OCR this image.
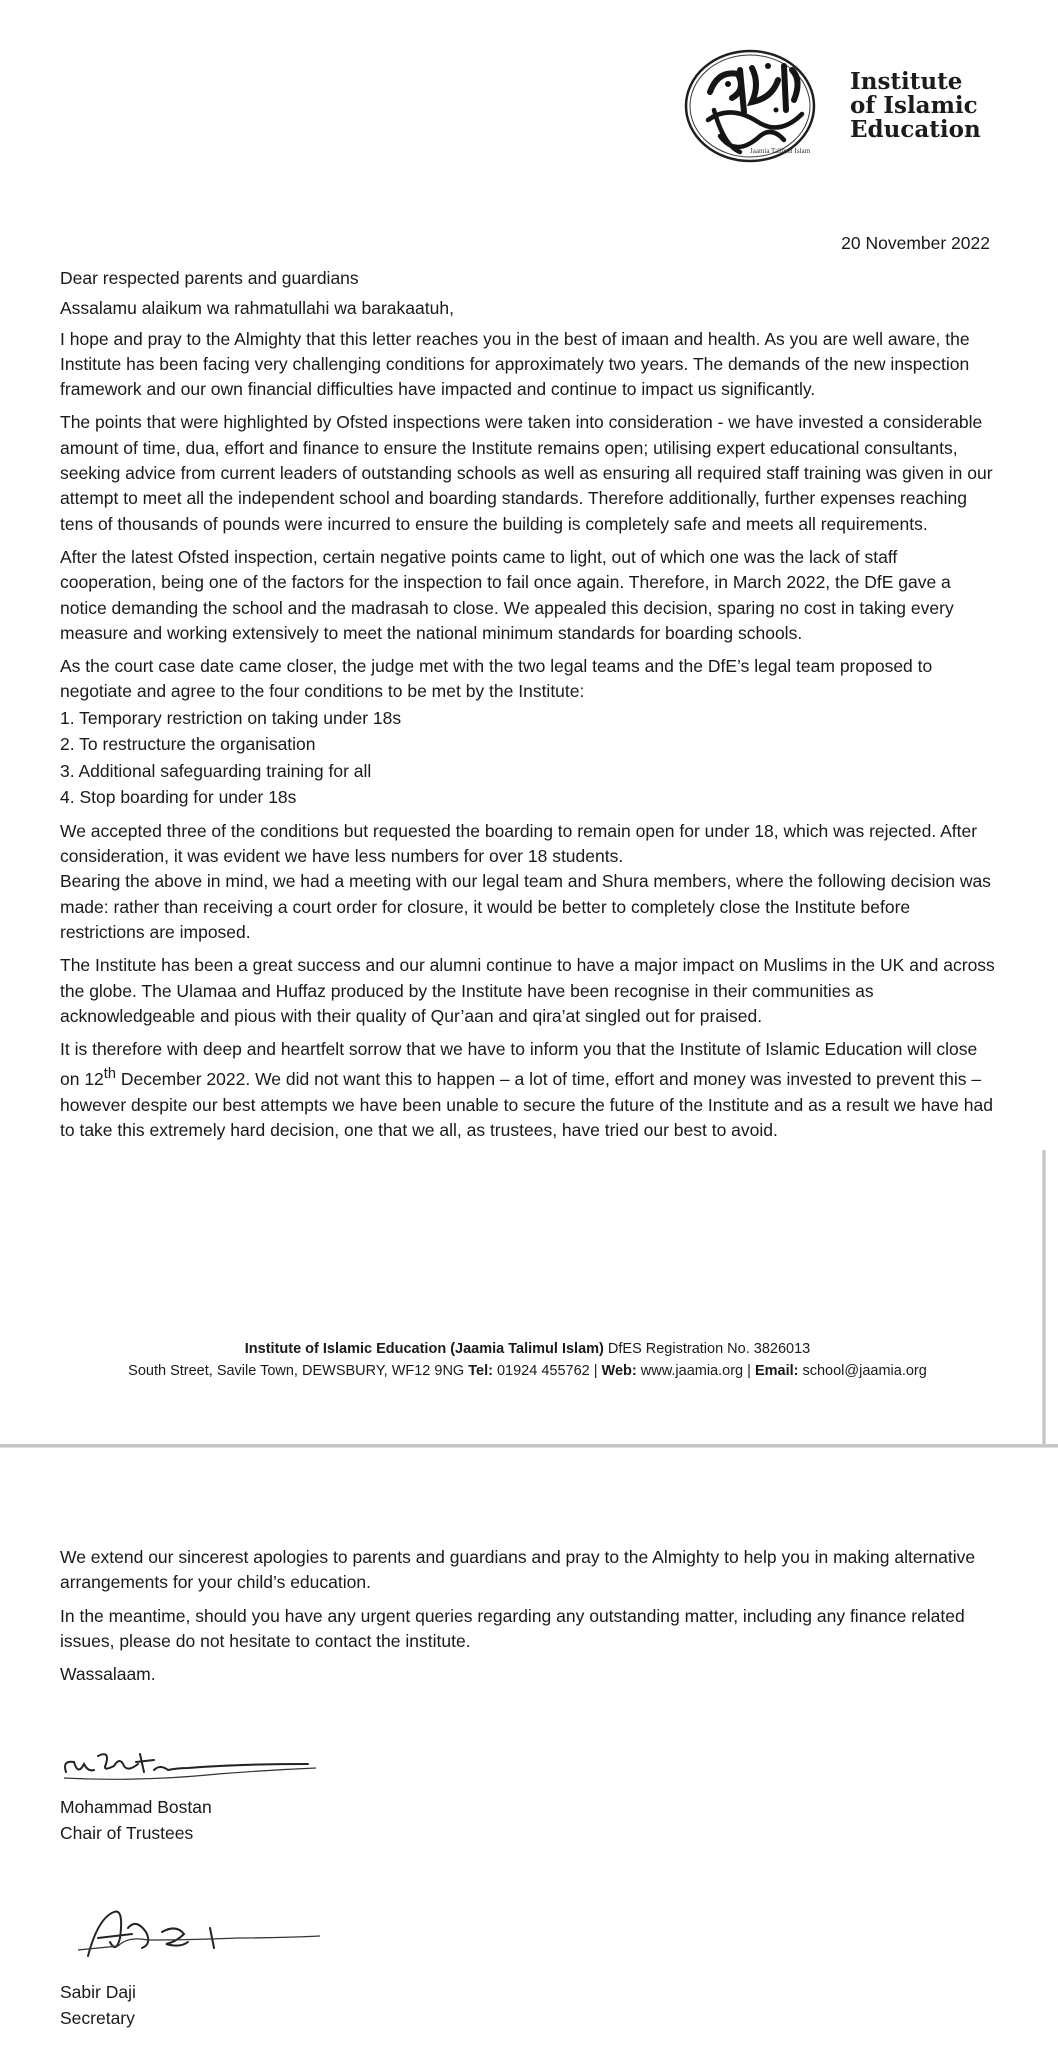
Jaamia Talimul Islam
Institute
of Islamic
Education
20 November 2022

Dear respected parents and guardians

Assalamu alaikum wa rahmatullahi wa barakaatuh,

I hope and pray to the Almighty that this letter reaches you in the best of imaan and health. As you are well aware, the Institute has been facing very challenging conditions for approximately two years. The demands of the new inspection framework and our own financial difficulties have impacted and continue to impact us significantly.

The points that were highlighted by Ofsted inspections were taken into consideration - we have invested a considerable amount of time, dua, effort and finance to ensure the Institute remains open; utilising expert educational consultants, seeking advice from current leaders of outstanding schools as well as ensuring all required staff training was given in our attempt to meet all the independent school and boarding standards. Therefore additionally, further expenses reaching tens of thousands of pounds were incurred to ensure the building is completely safe and meets all requirements.

After the latest Ofsted inspection, certain negative points came to light, out of which one was the lack of staff cooperation, being one of the factors for the inspection to fail once again. Therefore, in March 2022, the DfE gave a notice demanding the school and the madrasah to close. We appealed this decision, sparing no cost in taking every measure and working extensively to meet the national minimum standards for boarding schools.

As the court case date came closer, the judge met with the two legal teams and the DfE’s legal team proposed to negotiate and agree to the four conditions to be met by the Institute:

1. Temporary restriction on taking under 18s
2. To restructure the organisation
3. Additional safeguarding training for all
4. Stop boarding for under 18s

We accepted three of the conditions but requested the boarding to remain open for under 18, which was rejected. After consideration, it was evident we have less numbers for over 18 students.

Bearing the above in mind, we had a meeting with our legal team and Shura members, where the following decision was made: rather than receiving a court order for closure, it would be better to completely close the Institute before restrictions are imposed.

The Institute has been a great success and our alumni continue to have a major impact on Muslims in the UK and across the globe. The Ulamaa and Huffaz produced by the Institute have been recognise in their communities as acknowledgeable and pious with their quality of Qur’aan and qira’at singled out for praised.

It is therefore with deep and heartfelt sorrow that we have to inform you that the Institute of Islamic Education will close on 12th December 2022. We did not want this to happen – a lot of time, effort and money was invested to prevent this – however despite our best attempts we have been unable to secure the future of the Institute and as a result we have had to take this extremely hard decision, one that we all, as trustees, have tried our best to avoid.

Institute of Islamic Education (Jaamia Talimul Islam) DfES Registration No. 3826013
South Street, Savile Town, DEWSBURY, WF12 9NG Tel: 01924 455762 | Web: www.jaamia.org | Email: school@jaamia.org

We extend our sincerest apologies to parents and guardians and pray to the Almighty to help you in making alternative arrangements for your child’s education.

In the meantime, should you have any urgent queries regarding any outstanding matter, including any finance related issues, please do not hesitate to contact the institute.

Wassalaam.

Mohammad Bostan
Chair of Trustees
Sabir Daji
Secretary
